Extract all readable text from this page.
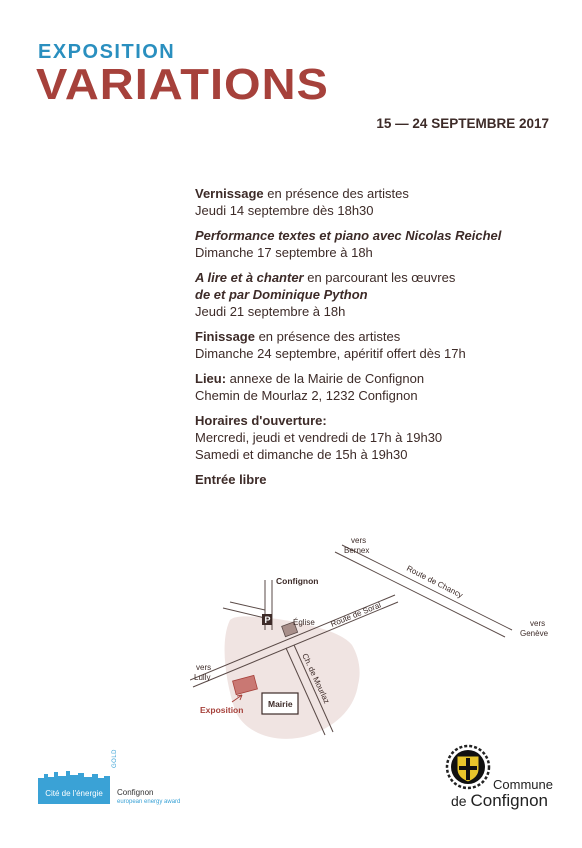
EXPOSITION
VARIATIONS
15 — 24 SEPTEMBRE 2017
Vernissage en présence des artistes
Jeudi 14 septembre dès 18h30
Performance textes et piano avec Nicolas Reichel
Dimanche 17 septembre à 18h
A lire et à chanter en parcourant les œuvres
de et par Dominique Python
Jeudi 21 septembre à 18h
Finissage en présence des artistes
Dimanche 24 septembre, apéritif offert dès 17h
Lieu: annexe de la Mairie de Confignon
Chemin de Mourlaz 2, 1232 Confignon
Horaires d'ouverture:
Mercredi, jeudi et vendredi de 17h à 19h30
Samedi et dimanche de 15h à 19h30
Entrée libre
P
vers
Bernex
Route de Chancy
vers
Genève
Confignon
Église Route de Soral
vers
Lully	Ch. de Mourlaz
Exposition
Mairie
Cité de l'énergie
GOLD
Confignon
european energy award
Commune
de Confignon
